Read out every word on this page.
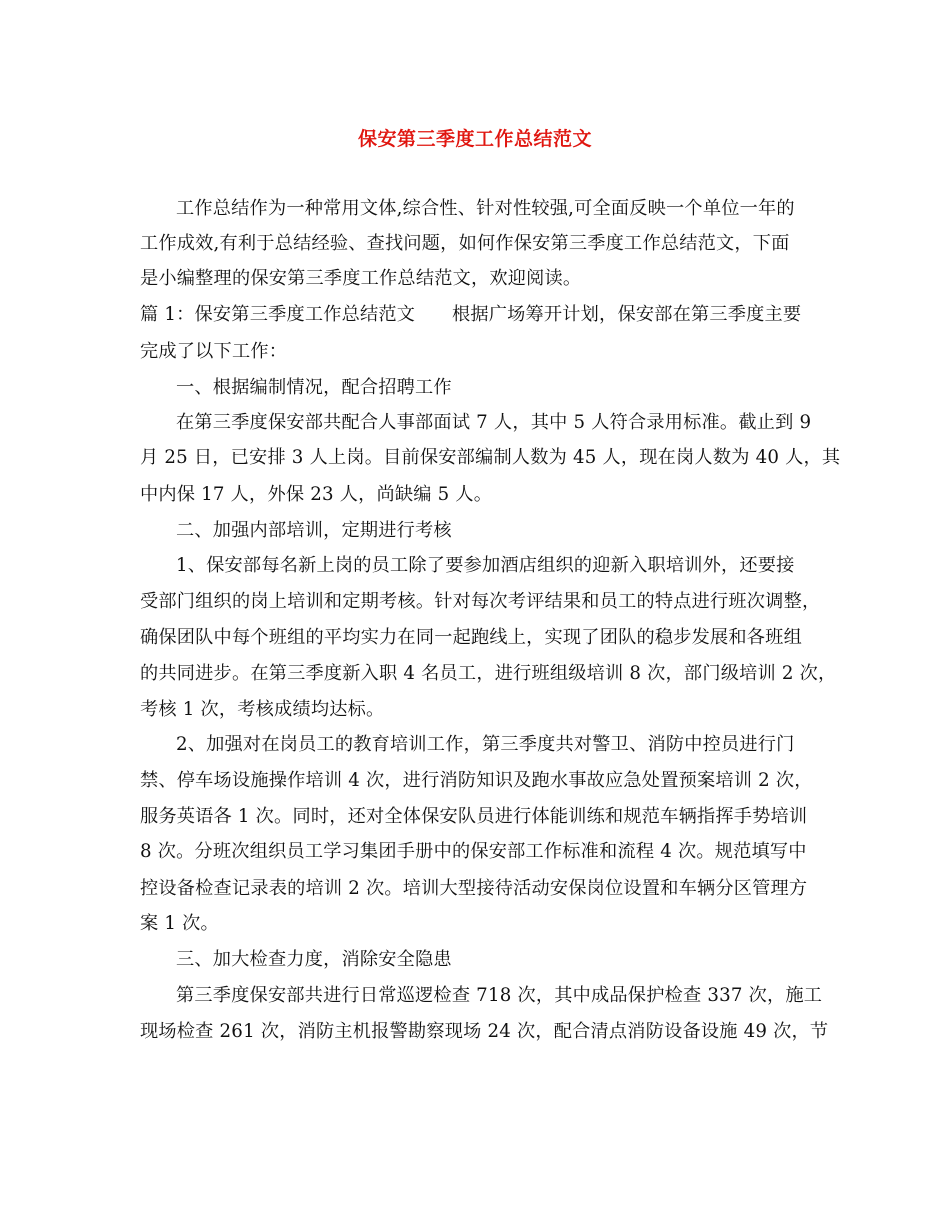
保安第三季度工作总结范文
工作总结作为一种常用文体,综合性、针对性较强,可全面反映一个单位一年的
工作成效,有利于总结经验、查找问题，如何作保安第三季度工作总结范文，下面
是小编整理的保安第三季度工作总结范文，欢迎阅读。
篇 1：保安第三季度工作总结范文　　根据广场筹开计划，保安部在第三季度主要
完成了以下工作：
一、根据编制情况，配合招聘工作
在第三季度保安部共配合人事部面试 7 人，其中 5 人符合录用标准。截止到 9
月 25 日，已安排 3 人上岗。目前保安部编制人数为 45 人，现在岗人数为 40 人，其
中内保 17 人，外保 23 人，尚缺编 5 人。
二、加强内部培训，定期进行考核
1、保安部每名新上岗的员工除了要参加酒店组织的迎新入职培训外，还要接
受部门组织的岗上培训和定期考核。针对每次考评结果和员工的特点进行班次调整，
确保团队中每个班组的平均实力在同一起跑线上，实现了团队的稳步发展和各班组
的共同进步。在第三季度新入职 4 名员工，进行班组级培训 8 次，部门级培训 2 次，
考核 1 次，考核成绩均达标。
2、加强对在岗员工的教育培训工作，第三季度共对警卫、消防中控员进行门
禁、停车场设施操作培训 4 次，进行消防知识及跑水事故应急处置预案培训 2 次，
服务英语各 1 次。同时，还对全体保安队员进行体能训练和规范车辆指挥手势培训
8 次。分班次组织员工学习集团手册中的保安部工作标准和流程 4 次。规范填写中
控设备检查记录表的培训 2 次。培训大型接待活动安保岗位设置和车辆分区管理方
案 1 次。
三、加大检查力度，消除安全隐患
第三季度保安部共进行日常巡逻检查 718 次，其中成品保护检查 337 次，施工
现场检查 261 次，消防主机报警勘察现场 24 次，配合清点消防设备设施 49 次，节
